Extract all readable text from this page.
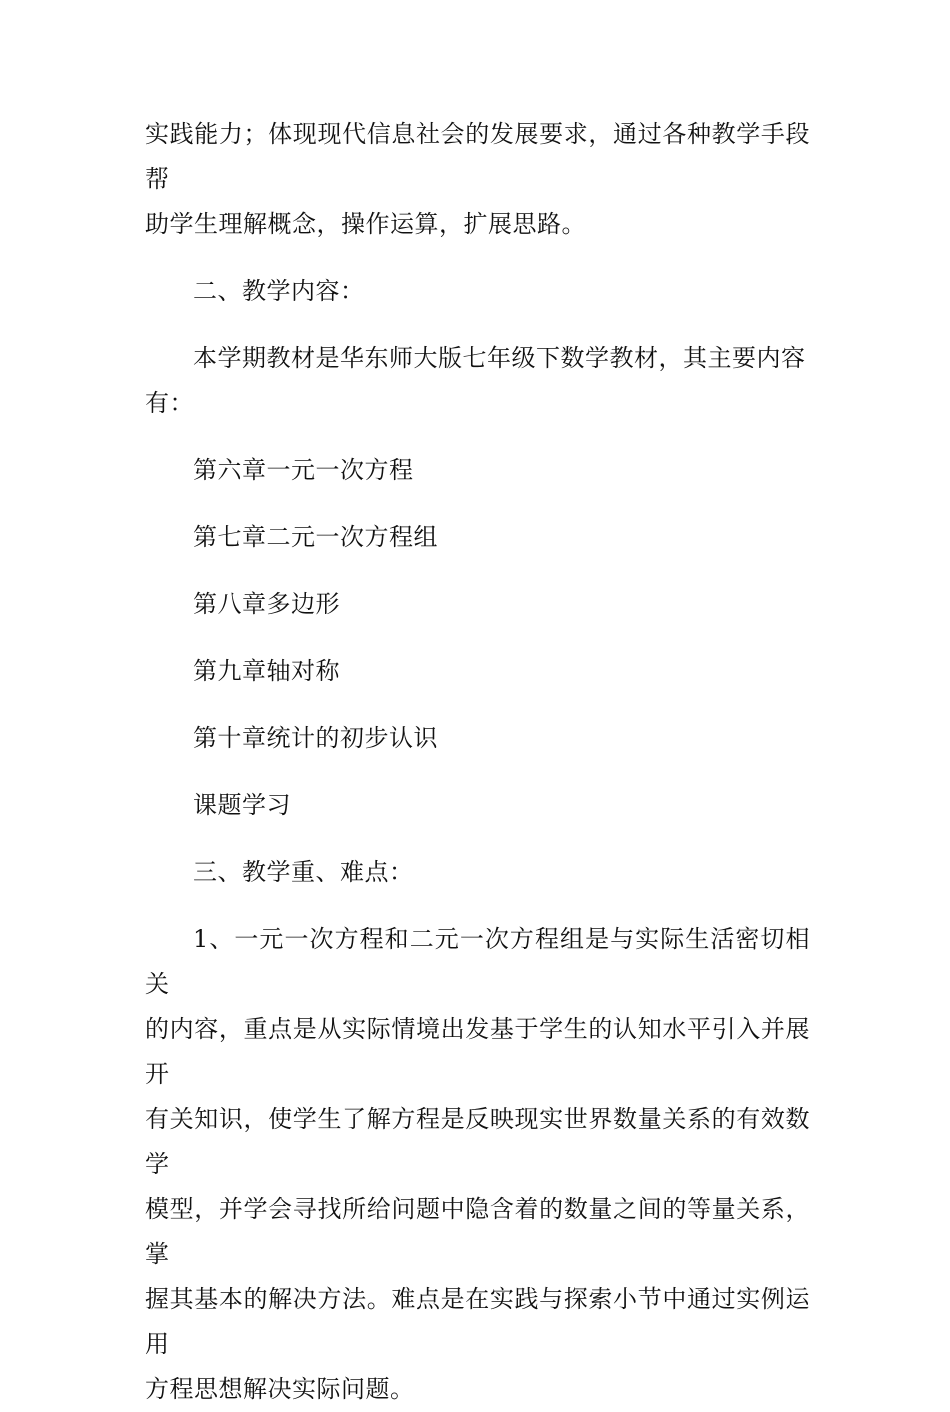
实践能力；体现现代信息社会的发展要求，通过各种教学手段帮
助学生理解概念，操作运算，扩展思路。

二、教学内容：

本学期教材是华东师大版七年级下数学教材，其主要内容
有：

第六章一元一次方程

第七章二元一次方程组

第八章多边形

第九章轴对称

第十章统计的初步认识

课题学习

三、教学重、难点：

1、一元一次方程和二元一次方程组是与实际生活密切相关
的内容，重点是从实际情境出发基于学生的认知水平引入并展开
有关知识，使学生了解方程是反映现实世界数量关系的有效数学
模型，并学会寻找所给问题中隐含着的数量之间的等量关系，掌
握其基本的解决方法。难点是在实践与探索小节中通过实例运用
方程思想解决实际问题。
